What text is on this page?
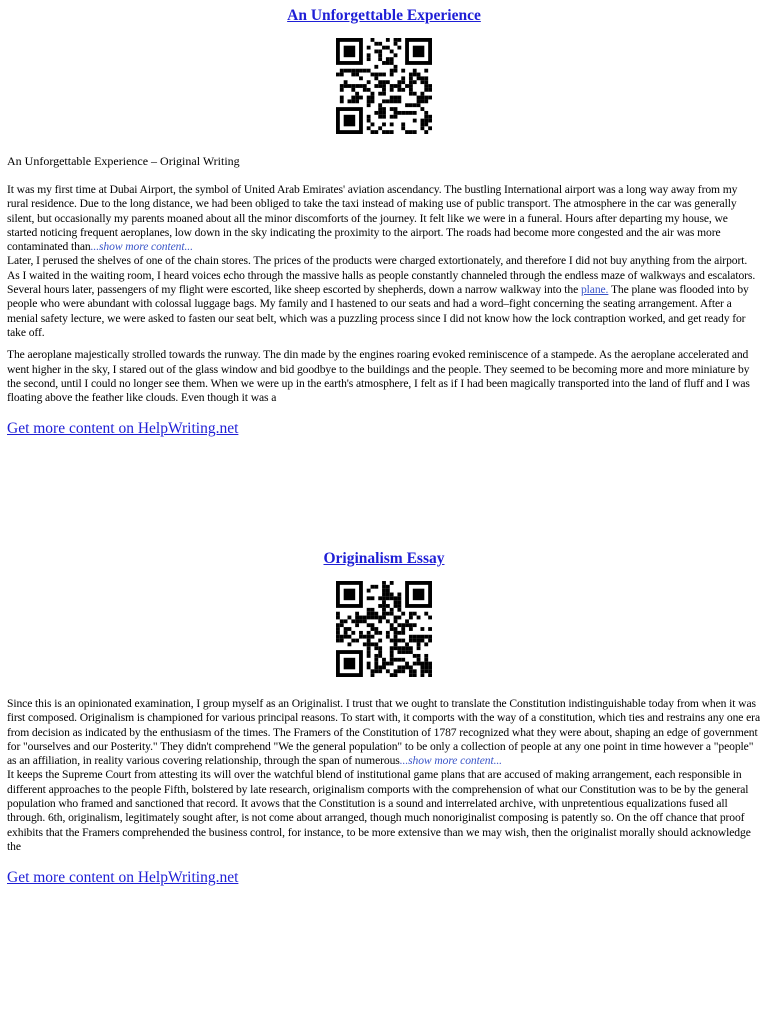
An Unforgettable Experience

An Unforgettable Experience – Original Writing

It was my first time at Dubai Airport, the symbol of United Arab Emirates' aviation ascendancy. The bustling International airport was a long way away from my rural residence. Due to the long distance, we had been obliged to take the taxi instead of making use of public transport. The atmosphere in the car was generally silent, but occasionally my parents moaned about all the minor discomforts of the journey. It felt like we were in a funeral. Hours after departing my house, we started noticing frequent aeroplanes, low down in the sky indicating the proximity to the airport. The roads had become more congested and the air was more contaminated than...show more content...

Later, I perused the shelves of one of the chain stores. The prices of the products were charged extortionately, and therefore I did not buy anything from the airport. As I waited in the waiting room, I heard voices echo through the massive halls as people constantly channeled through the endless maze of walkways and escalators. Several hours later, passengers of my flight were escorted, like sheep escorted by shepherds, down a narrow walkway into the plane. The plane was flooded into by people who were abundant with colossal luggage bags. My family and I hastened to our seats and had a word–fight concerning the seating arrangement. After a menial safety lecture, we were asked to fasten our seat belt, which was a puzzling process since I did not know how the lock contraption worked, and get ready for take off.

The aeroplane majestically strolled towards the runway. The din made by the engines roaring evoked reminiscence of a stampede. As the aeroplane accelerated and went higher in the sky, I stared out of the glass window and bid goodbye to the buildings and the people. They seemed to be becoming more and more miniature by the second, until I could no longer see them. When we were up in the earth's atmosphere, I felt as if I had been magically transported into the land of fluff and I was floating above the feather like clouds. Even though it was a

Get more content on HelpWriting.net

Originalism Essay

Since this is an opinionated examination, I group myself as an Originalist. I trust that we ought to translate the Constitution indistinguishable today from when it was first composed. Originalism is championed for various principal reasons. To start with, it comports with the way of a constitution, which ties and restrains any one era from decision as indicated by the enthusiasm of the times. The Framers of the Constitution of 1787 recognized what they were about, shaping an edge of government for "ourselves and our Posterity." They didn't comprehend "We the general population" to be only a collection of people at any one point in time however a "people" as an affiliation, in reality various covering relationship, through the span of numerous...show more content...

It keeps the Supreme Court from attesting its will over the watchful blend of institutional game plans that are accused of making arrangement, each responsible in different approaches to the people Fifth, bolstered by late research, originalism comports with the comprehension of what our Constitution was to be by the general population who framed and sanctioned that record. It avows that the Constitution is a sound and interrelated archive, with unpretentious equalizations fused all through. 6th, originalism, legitimately sought after, is not come about arranged, though much nonoriginalist composing is patently so. On the off chance that proof exhibits that the Framers comprehended the business control, for instance, to be more extensive than we may wish, then the originalist morally should acknowledge the

Get more content on HelpWriting.net
